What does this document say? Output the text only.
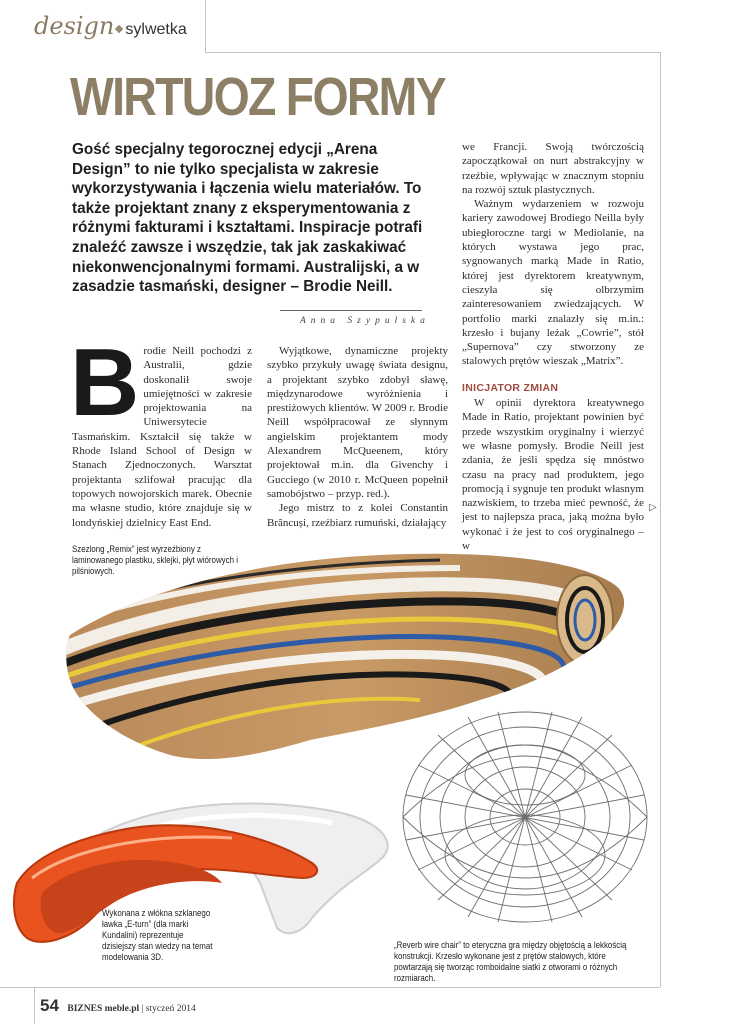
design sylwetka
WIRTUOZ FORMY
Gość specjalny tegorocznej edycji „Arena Design” to nie tylko specjalista w zakresie wykorzystywania i łączenia wielu materiałów. To także projektant znany z eksperymentowania z różnymi fakturami i kształtami. Inspiracje potrafi znaleźć zawsze i wszędzie, tak jak zaskakiwać niekonwencjonalnymi formami. Australijski, a w zasadzie tasmański, designer – Brodie Neill.
Anna Szypulska
B rodie Neill pochodzi z Australii, gdzie doskonalił swoje umiejętności w zakresie projektowania na Uniwersytecie Tasmańskim. Kształcił się także w Rhode Island School of Design w Stanach Zjednoczonych. Warsztat projektanta szlifował pracując dla topowych nowojorskich marek. Obecnie ma własne studio, które znajduje się w londyńskiej dzielnicy East End.

Wyjątkowe, dynamiczne projekty szybko przykuły uwagę świata designu, a projektant szybko zdobył sławę, międzynarodowe wyróżnienia i prestiżowych klientów. W 2009 r. Brodie Neill współpracował ze słynnym angielskim projektantem mody Alexandrem McQueenem, który projektował m.in. dla Givenchy i Gucciego (w 2010 r. McQueen popełnił samobójstwo – przyp. red.).

Jego mistrz to z kolei Constantin Brâncuși, rzeźbiarz rumuński, działający

we Francji. Swoją twórczością zapoczątkował on nurt abstrakcyjny w rzeźbie, wpływając w znacznym stopniu na rozwój sztuk plastycznych.

Ważnym wydarzeniem w rozwoju kariery zawodowej Brodiego Neilla były ubiegłoroczne targi w Mediolanie, na których wystawa jego prac, sygnowanych marką Made in Ratio, której jest dyrektorem kreatywnym, cieszyła się olbrzymim zainteresowaniem zwiedzających. W portfolio marki znalazły się m.in.: krzesło i bujany leżak „Cowrie”, stół „Supernova” czy stworzony ze stalowych prętów wieszak „Matrix”.

INICJATOR ZMIAN

W opinii dyrektora kreatywnego Made in Ratio, projektant powinien być przede wszystkim oryginalny i wierzyć we własne pomysły. Brodie Neill jest zdania, że jeśli spędza się mnóstwo czasu na pracy nad produktem, jego promocją i sygnuje ten produkt własnym nazwiskiem, to trzeba mieć pewność, że jest to najlepsza praca, jaką można było wykonać i że jest to coś oryginalnego – w

▷
Szezlong „Remix” jest wyrzeźbiony z laminowanego plastiku, sklejki, płyt wiórowych i pilśniowych.
Wykonana z włókna szklanego ławka „E-turn” (dla marki Kundalini) reprezentuje dzisiejszy stan wiedzy na temat modelowania 3D.
„Reverb wire chair” to eteryczna gra między objętością a lekkością konstrukcji. Krzesło wykonane jest z prętów stalowych, które powtarzają się tworząc romboidalne siatki z otworami o różnych rozmiarach.
54 BIZNES meble.pl | styczeń 2014
